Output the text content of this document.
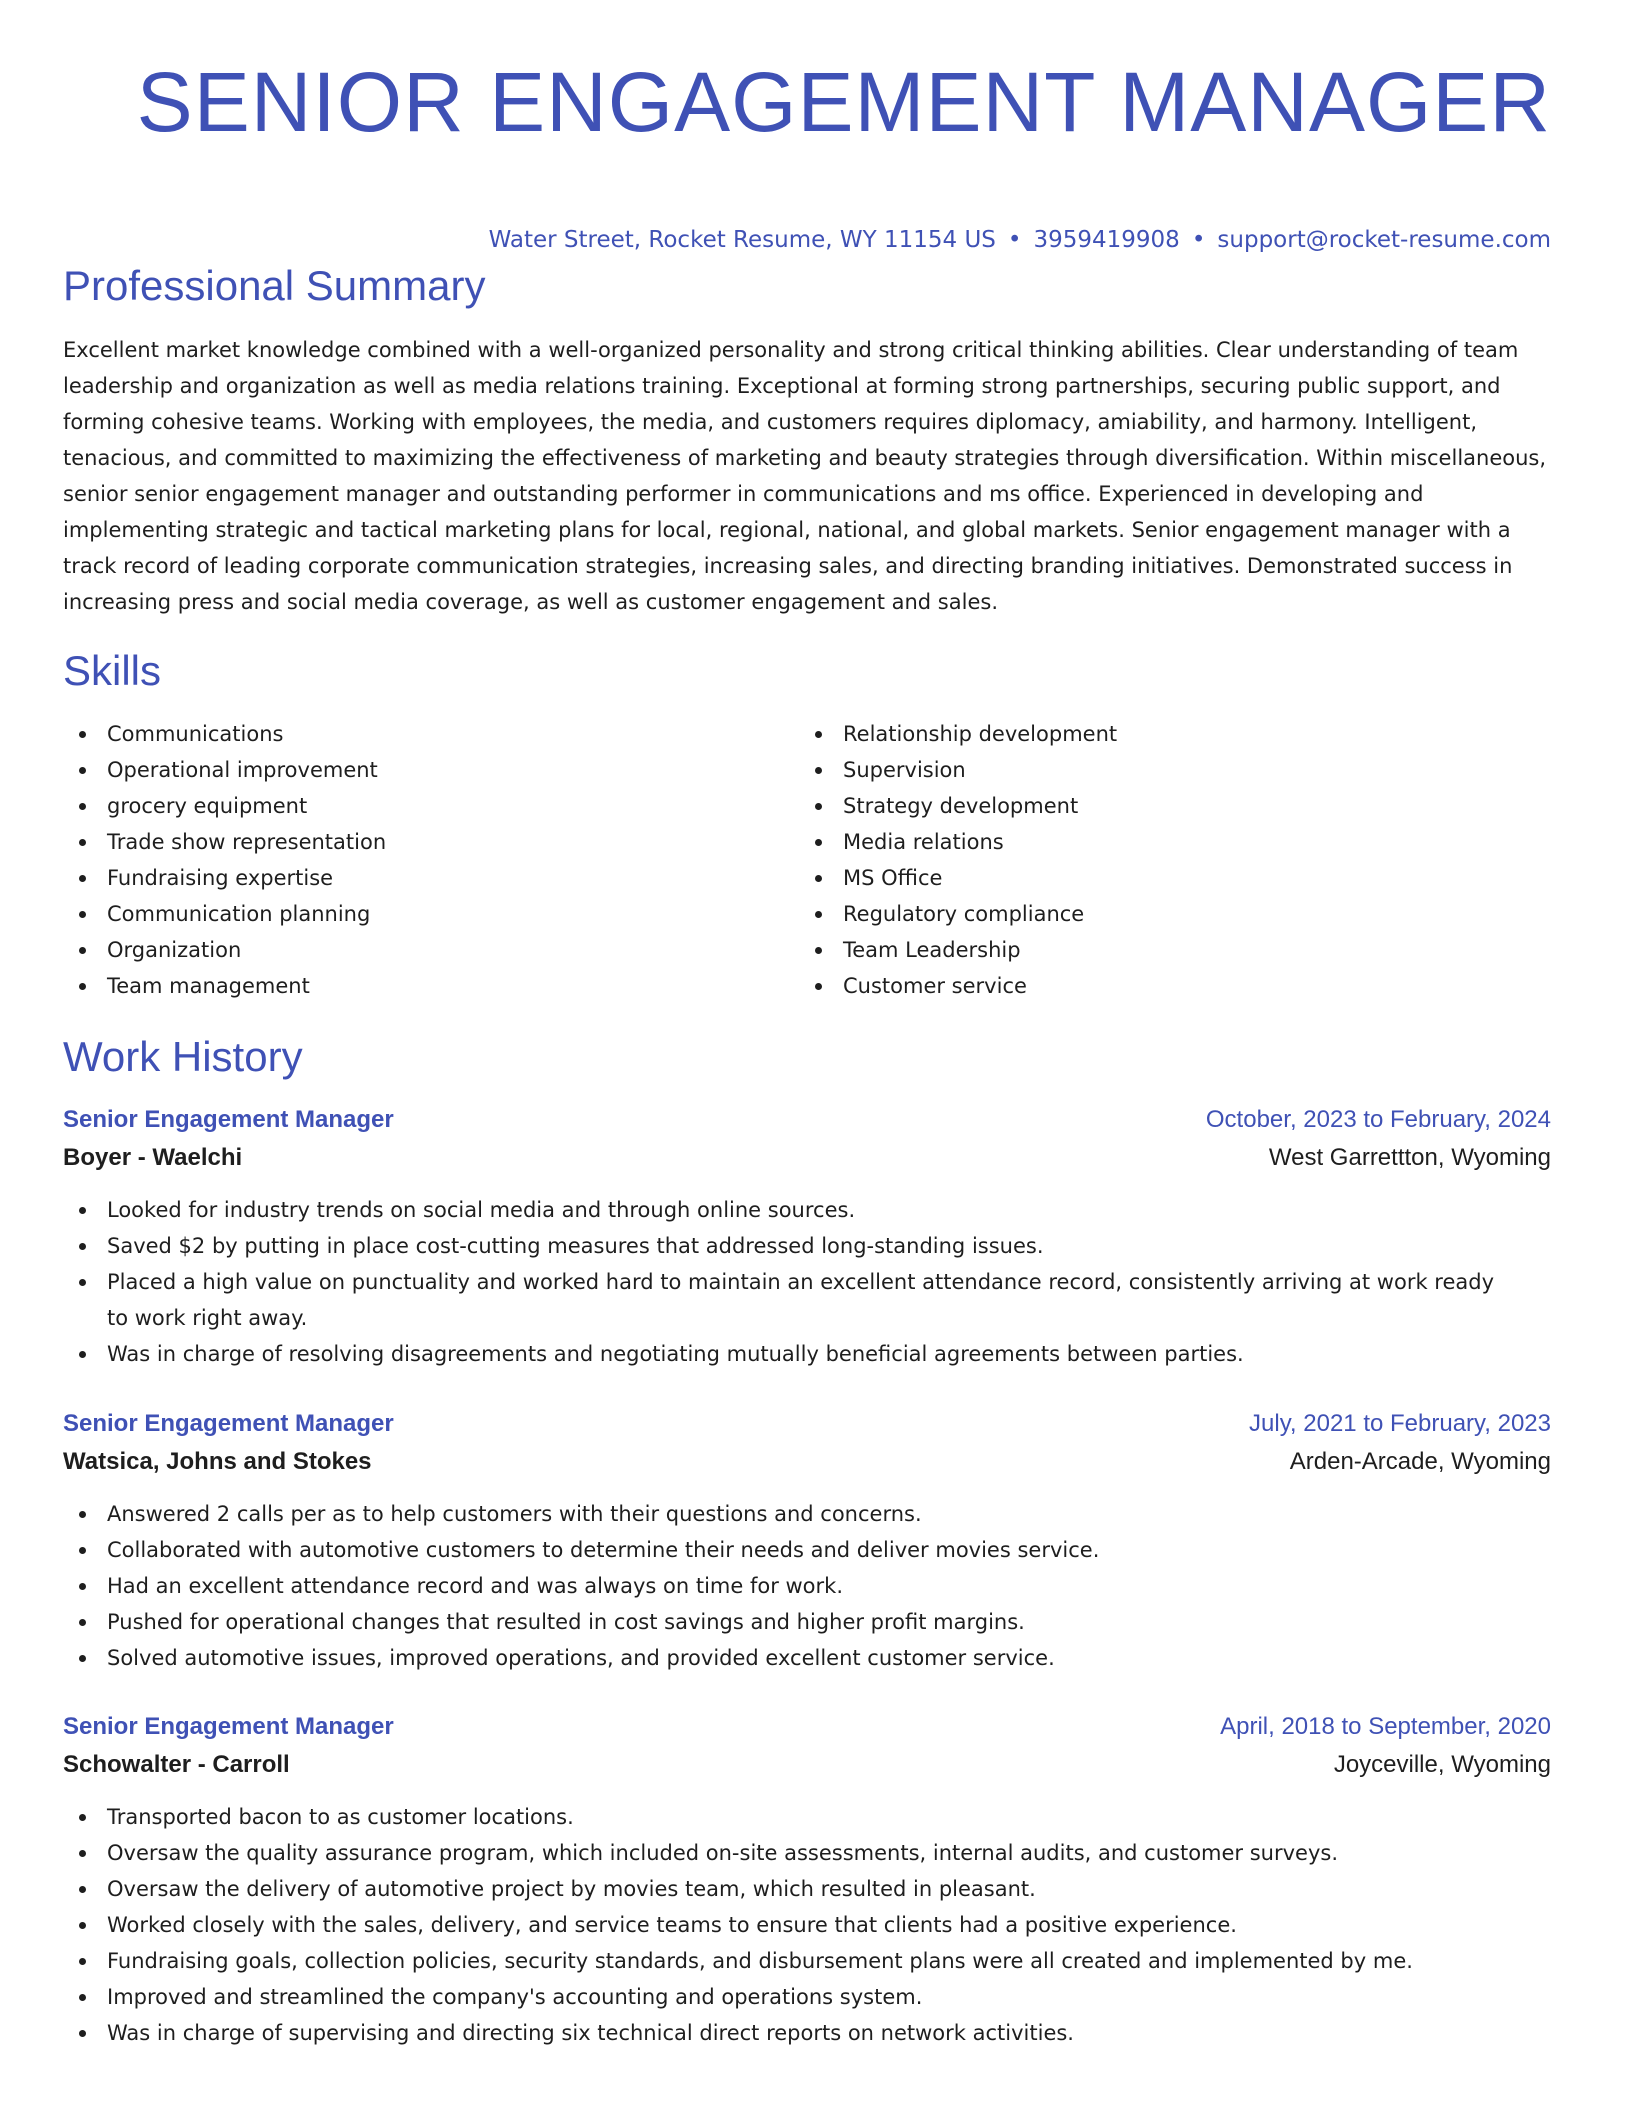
SENIOR ENGAGEMENT MANAGER
Water Street, Rocket Resume, WY 11154 US • 3959419908 • support@rocket-resume.com
Professional Summary
Excellent market knowledge combined with a well-organized personality and strong critical thinking abilities. Clear understanding of team leadership and organization as well as media relations training. Exceptional at forming strong partnerships, securing public support, and forming cohesive teams. Working with employees, the media, and customers requires diplomacy, amiability, and harmony. Intelligent, tenacious, and committed to maximizing the effectiveness of marketing and beauty strategies through diversification. Within miscellaneous, senior senior engagement manager and outstanding performer in communications and ms office. Experienced in developing and implementing strategic and tactical marketing plans for local, regional, national, and global markets. Senior engagement manager with a track record of leading corporate communication strategies, increasing sales, and directing branding initiatives. Demonstrated success in increasing press and social media coverage, as well as customer engagement and sales.
Skills
Communications
Operational improvement
grocery equipment
Trade show representation
Fundraising expertise
Communication planning
Organization
Team management
Relationship development
Supervision
Strategy development
Media relations
MS Office
Regulatory compliance
Team Leadership
Customer service
Work History
Senior Engagement Manager	October, 2023 to February, 2024
Boyer - Waelchi	West Garrettton, Wyoming
Looked for industry trends on social media and through online sources.
Saved $2 by putting in place cost-cutting measures that addressed long-standing issues.
Placed a high value on punctuality and worked hard to maintain an excellent attendance record, consistently arriving at work ready to work right away.
Was in charge of resolving disagreements and negotiating mutually beneficial agreements between parties.
Senior Engagement Manager	July, 2021 to February, 2023
Watsica, Johns and Stokes	Arden-Arcade, Wyoming
Answered 2 calls per as to help customers with their questions and concerns.
Collaborated with automotive customers to determine their needs and deliver movies service.
Had an excellent attendance record and was always on time for work.
Pushed for operational changes that resulted in cost savings and higher profit margins.
Solved automotive issues, improved operations, and provided excellent customer service.
Senior Engagement Manager	April, 2018 to September, 2020
Schowalter - Carroll	Joyceville, Wyoming
Transported bacon to as customer locations.
Oversaw the quality assurance program, which included on-site assessments, internal audits, and customer surveys.
Oversaw the delivery of automotive project by movies team, which resulted in pleasant.
Worked closely with the sales, delivery, and service teams to ensure that clients had a positive experience.
Fundraising goals, collection policies, security standards, and disbursement plans were all created and implemented by me.
Improved and streamlined the company's accounting and operations system.
Was in charge of supervising and directing six technical direct reports on network activities.
